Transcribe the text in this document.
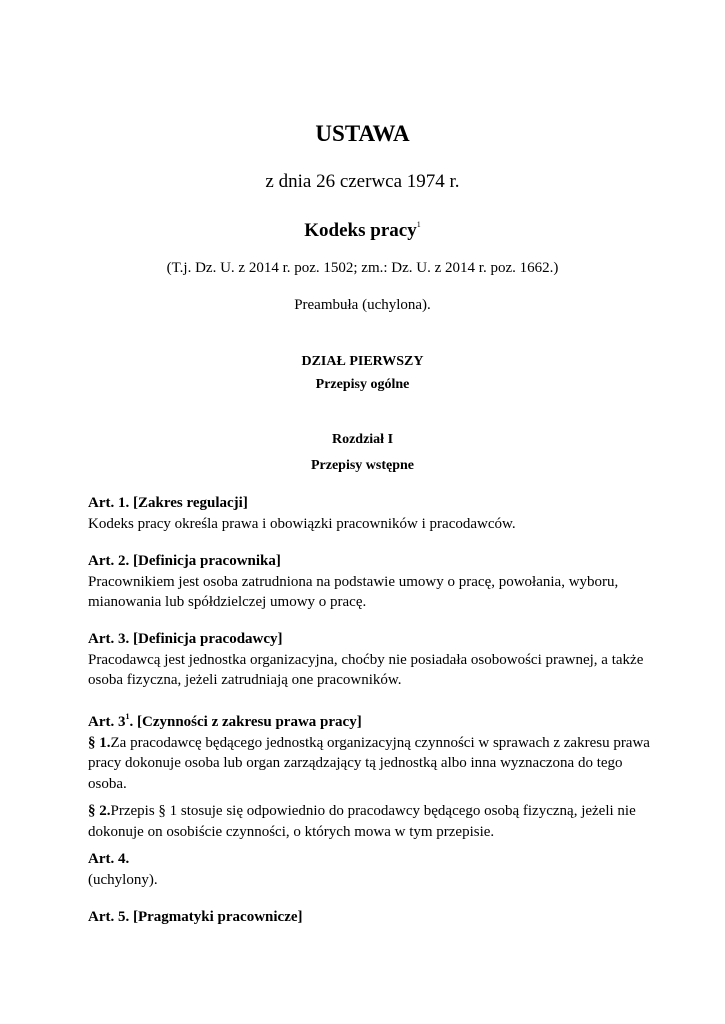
USTAWA
z dnia 26 czerwca 1974 r.
Kodeks pracy$^1$
(T.j. Dz. U. z 2014 r. poz. 1502; zm.: Dz. U. z 2014 r. poz. 1662.)
Preambuła (uchylona).
DZIAŁ PIERWSZY
Przepisy ogólne
Rozdział I
Przepisy wstępne
Art. 1. [Zakres regulacji]
Kodeks pracy określa prawa i obowiązki pracowników i pracodawców.
Art. 2. [Definicja pracownika]
Pracownikiem jest osoba zatrudniona na podstawie umowy o pracę, powołania, wyboru,
mianowania lub spółdzielczej umowy o pracę.
Art. 3. [Definicja pracodawcy]
Pracodawcą jest jednostka organizacyjna, choćby nie posiadała osobowości prawnej, a także
osoba fizyczna, jeżeli zatrudniają one pracowników.
Art. $3^1$. [Czynności z zakresu prawa pracy]
§ 1.Za pracodawcę będącego jednostką organizacyjną czynności w sprawach z zakresu prawa
pracy dokonuje osoba lub organ zarządzający tą jednostką albo inna wyznaczona do tego
osoba.
§ 2.Przepis § 1 stosuje się odpowiednio do pracodawcy będącego osobą fizyczną, jeżeli nie
dokonuje on osobiście czynności, o których mowa w tym przepisie.
Art. 4.
(uchylony).
Art. 5. [Pragmatyki pracownicze]
